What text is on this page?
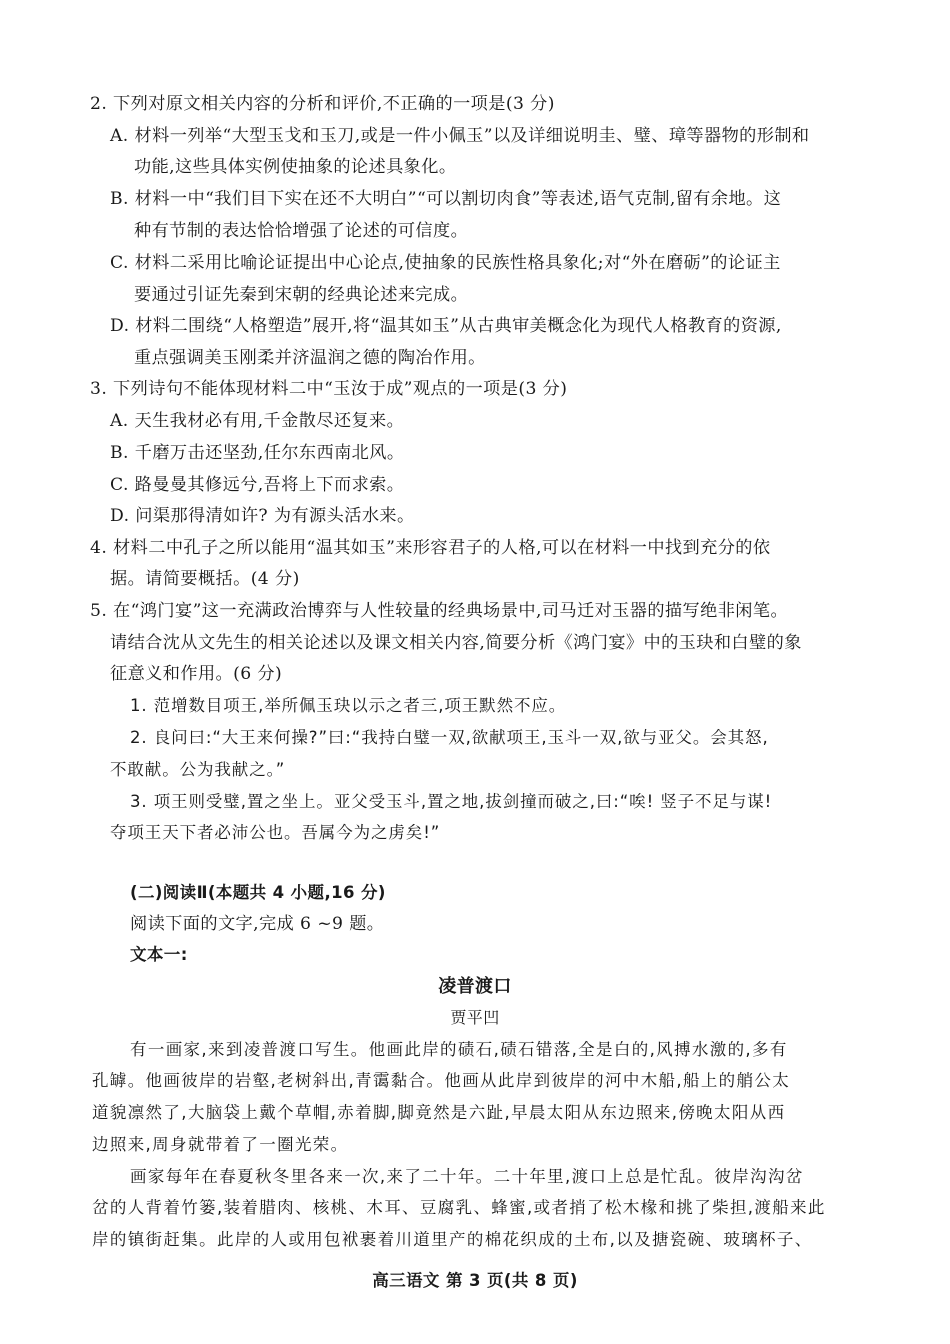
2. 下列对原文相关内容的分析和评价,不正确的一项是(3 分)
A. 材料一列举“大型玉戈和玉刀,或是一件小佩玉”以及详细说明圭、璧、璋等器物的形制和
功能,这些具体实例使抽象的论述具象化。
B. 材料一中“我们目下实在还不大明白”“可以割切肉食”等表述,语气克制,留有余地。这
种有节制的表达恰恰增强了论述的可信度。
C. 材料二采用比喻论证提出中心论点,使抽象的民族性格具象化;对“外在磨砺”的论证主
要通过引证先秦到宋朝的经典论述来完成。
D. 材料二围绕“人格塑造”展开,将“温其如玉”从古典审美概念化为现代人格教育的资源,
重点强调美玉刚柔并济温润之德的陶冶作用。
3. 下列诗句不能体现材料二中“玉汝于成”观点的一项是(3 分)
A. 天生我材必有用,千金散尽还复来。
B. 千磨万击还坚劲,任尔东西南北风。
C. 路曼曼其修远兮,吾将上下而求索。
D. 问渠那得清如许? 为有源头活水来。
4. 材料二中孔子之所以能用“温其如玉”来形容君子的人格,可以在材料一中找到充分的依
据。请简要概括。(4 分)
5. 在“鸿门宴”这一充满政治博弈与人性较量的经典场景中,司马迁对玉器的描写绝非闲笔。
请结合沈从文先生的相关论述以及课文相关内容,简要分析《鸿门宴》中的玉玦和白璧的象
征意义和作用。(6 分)
1. 范增数目项王,举所佩玉玦以示之者三,项王默然不应。
2. 良问曰:“大王来何操?”曰:“我持白璧一双,欲献项王,玉斗一双,欲与亚父。会其怒,
不敢献。公为我献之。”
3. 项王则受璧,置之坐上。亚父受玉斗,置之地,拔剑撞而破之,曰:“唉! 竖子不足与谋!
夺项王天下者必沛公也。吾属今为之虏矣!”
(二)阅读Ⅱ(本题共 4 小题,16 分)
阅读下面的文字,完成 6 ~9 题。
文本一:
凌普渡口
贾平凹
有一画家,来到凌普渡口写生。他画此岸的碛石,碛石错落,全是白的,风搏水激的,多有
孔罅。他画彼岸的岩壑,老树斜出,青霭黏合。他画从此岸到彼岸的河中木船,船上的艄公太
道貌凛然了,大脑袋上戴个草帽,赤着脚,脚竟然是六趾,早晨太阳从东边照来,傍晚太阳从西
边照来,周身就带着了一圈光荣。
画家每年在春夏秋冬里各来一次,来了二十年。二十年里,渡口上总是忙乱。彼岸沟沟岔
岔的人背着竹篓,装着腊肉、核桃、木耳、豆腐乳、蜂蜜,或者捎了松木椽和挑了柴担,渡船来此
岸的镇街赶集。此岸的人或用包袱裹着川道里产的棉花织成的土布,以及搪瓷碗、玻璃杯子、
高三语文 第 3 页(共 8 页)
